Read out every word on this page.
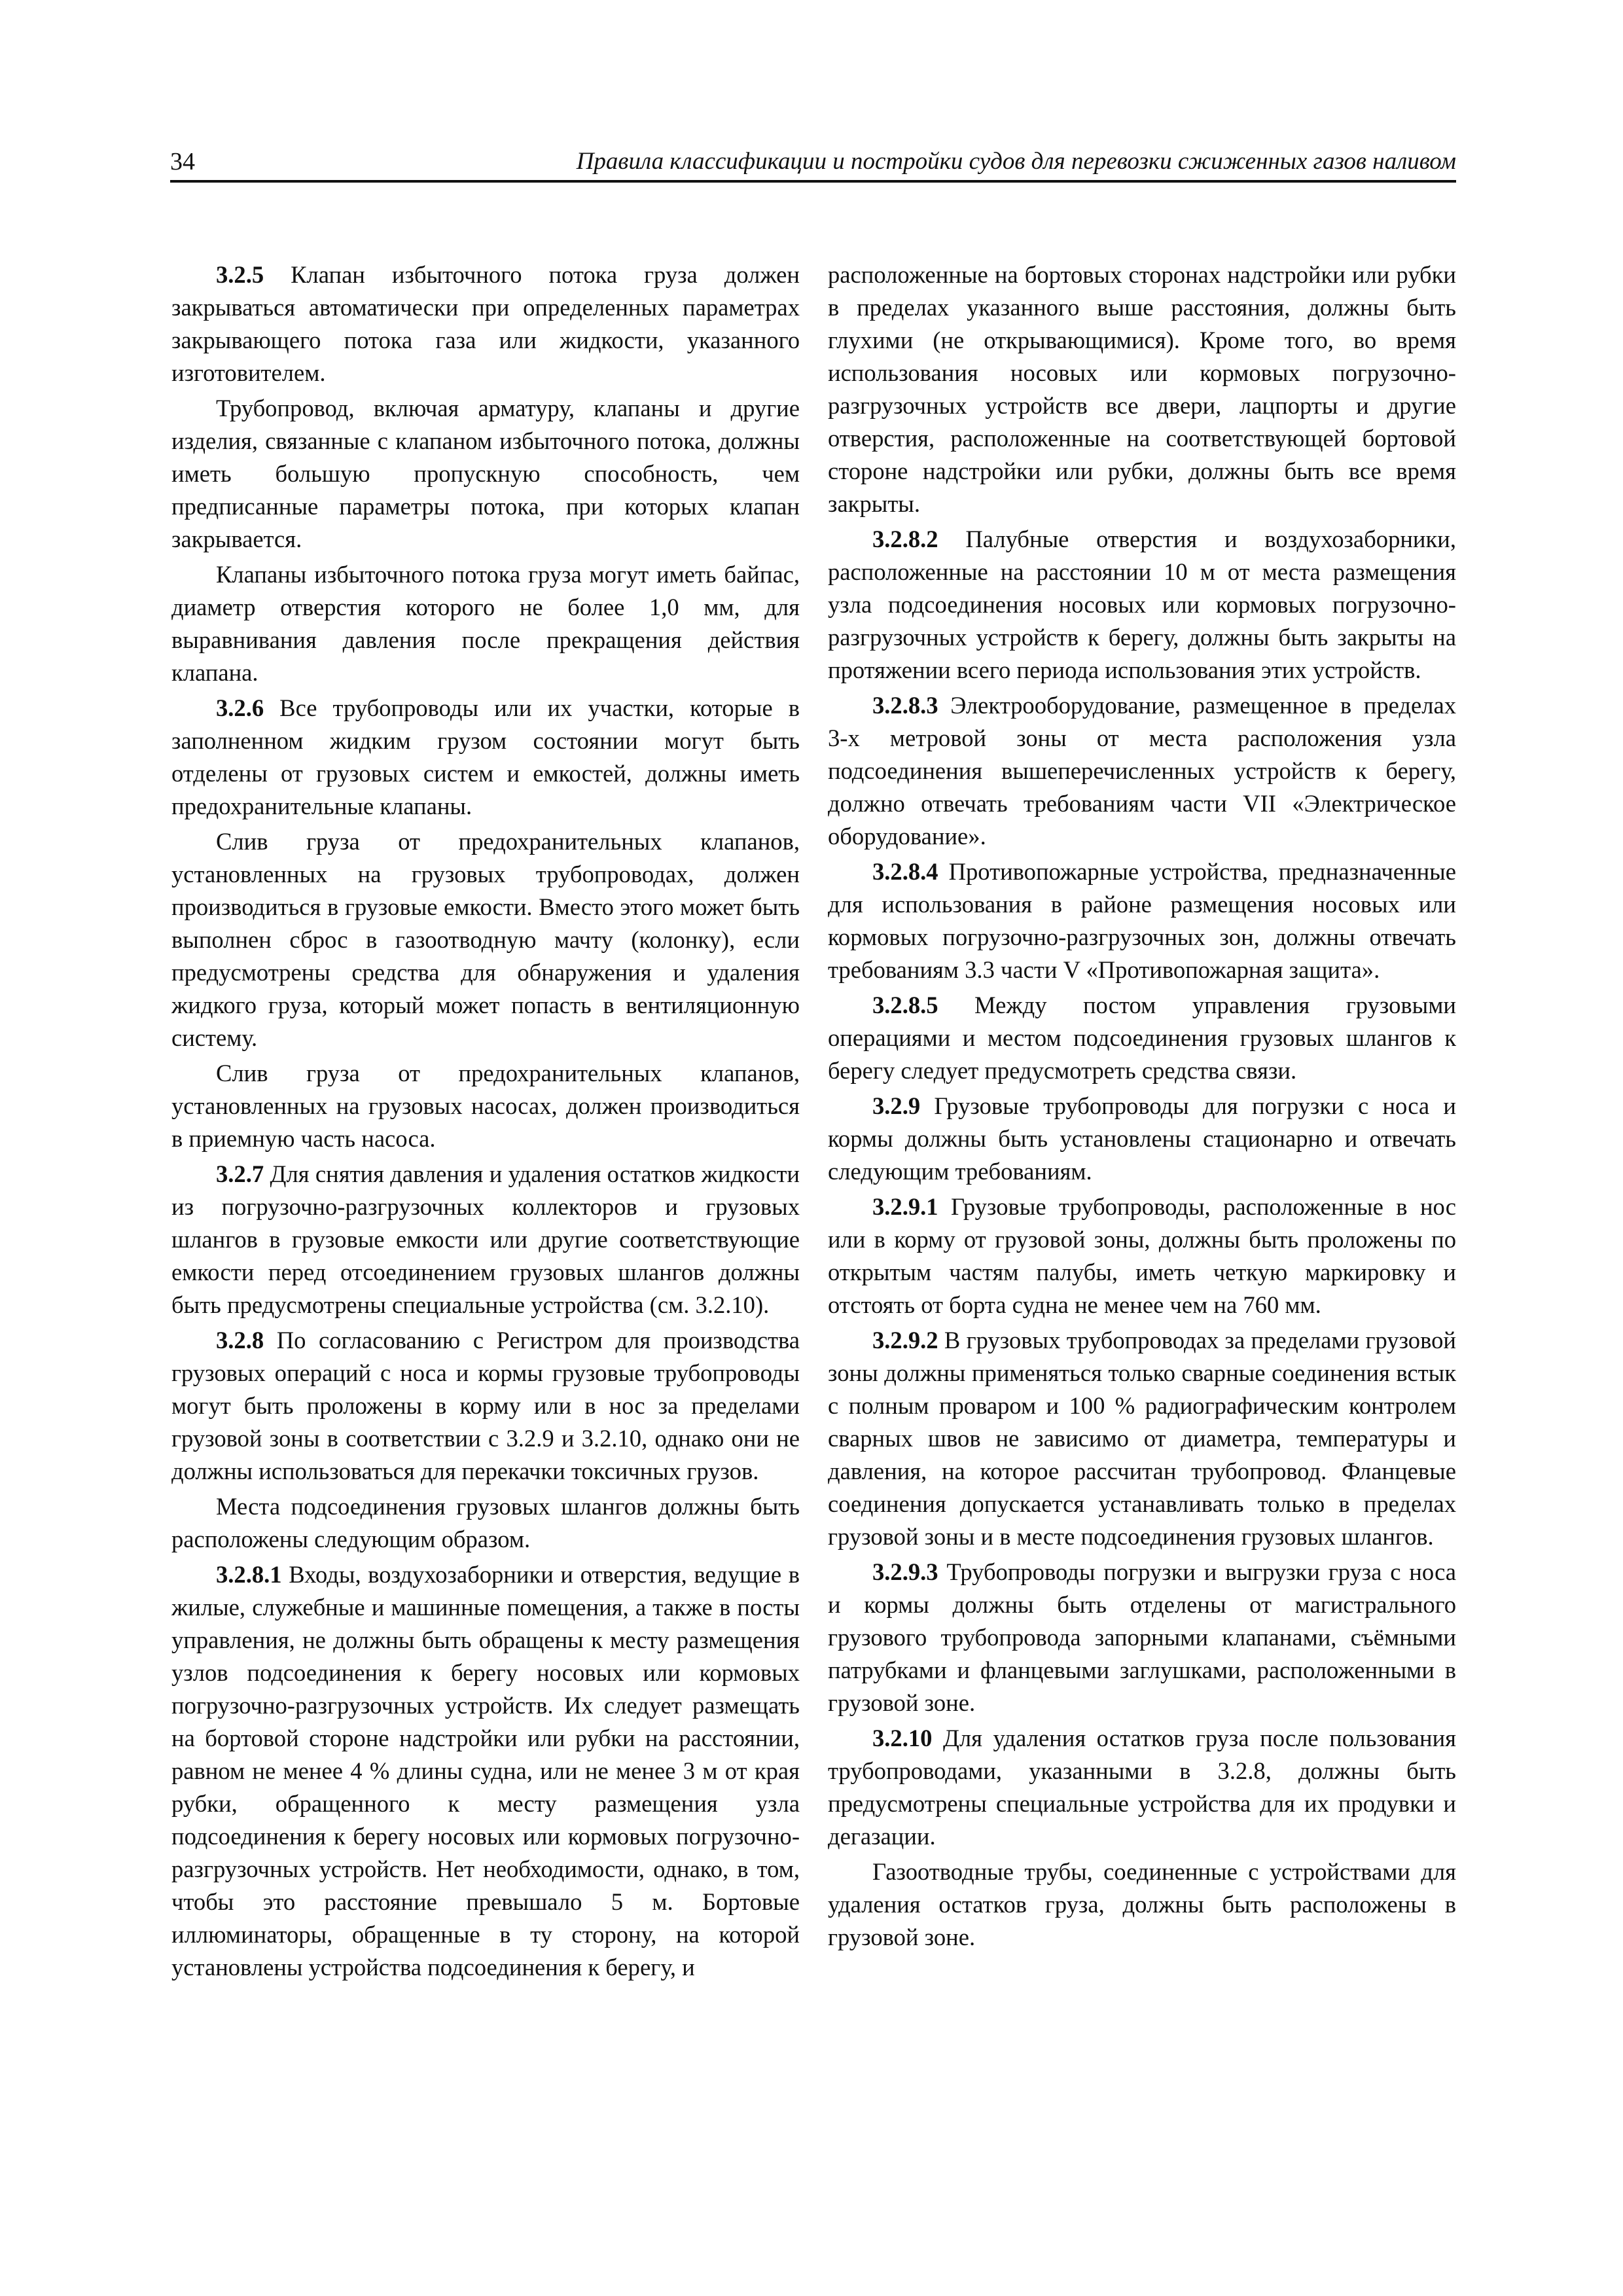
34	Правила классификации и постройки судов для перевозки сжиженных газов наливом

3.2.5 Клапан избыточного потока груза должен закрываться автоматически при определенных параметрах закрывающего потока газа или жидкости, указанного изготовителем.

Трубопровод, включая арматуру, клапаны и другие изделия, связанные с клапаном избыточного потока, должны иметь большую пропускную способность, чем предписанные параметры потока, при которых клапан закрывается.

Клапаны избыточного потока груза могут иметь байпас, диаметр отверстия которого не более 1,0 мм, для выравнивания давления после прекращения действия клапана.

3.2.6 Все трубопроводы или их участки, которые в заполненном жидким грузом состоянии могут быть отделены от грузовых систем и емкостей, должны иметь предохранительные клапаны.

Слив груза от предохранительных клапанов, установленных на грузовых трубопроводах, должен производиться в грузовые емкости. Вместо этого может быть выполнен сброс в газоотводную мачту (колонку), если предусмотрены средства для обнаружения и удаления жидкого груза, который может попасть в вентиляционную систему.

Слив груза от предохранительных клапанов, установленных на грузовых насосах, должен производиться в приемную часть насоса.

3.2.7 Для снятия давления и удаления остатков жидкости из погрузочно-разгрузочных коллекторов и грузовых шлангов в грузовые емкости или другие соответствующие емкости перед отсоединением грузовых шлангов должны быть предусмотрены специальные устройства (см. 3.2.10).

3.2.8 По согласованию с Регистром для производства грузовых операций с носа и кормы грузовые трубопроводы могут быть проложены в корму или в нос за пределами грузовой зоны в соответствии с 3.2.9 и 3.2.10, однако они не должны использоваться для перекачки токсичных грузов.

Места подсоединения грузовых шлангов должны быть расположены следующим образом.

3.2.8.1 Входы, воздухозаборники и отверстия, ведущие в жилые, служебные и машинные помещения, а также в посты управления, не должны быть обращены к месту размещения узлов подсоединения к берегу носовых или кормовых погрузочно-разгрузочных устройств. Их следует размещать на бортовой стороне надстройки или рубки на расстоянии, равном не менее 4 % длины судна, или не менее 3 м от края рубки, обращенного к месту размещения узла подсоединения к берегу носовых или кормовых погрузочно-разгрузочных устройств. Нет необходимости, однако, в том, чтобы это расстояние превышало 5 м. Бортовые иллюминаторы, обращенные в ту сторону, на которой установлены устройства подсоединения к берегу, и

расположенные на бортовых сторонах надстройки или рубки в пределах указанного выше расстояния, должны быть глухими (не открывающимися). Кроме того, во время использования носовых или кормовых погрузочно-разгрузочных устройств все двери, лацпорты и другие отверстия, расположенные на соответствующей бортовой стороне надстройки или рубки, должны быть все время закрыты.

3.2.8.2 Палубные отверстия и воздухозаборники, расположенные на расстоянии 10 м от места размещения узла подсоединения носовых или кормовых погрузочно-разгрузочных устройств к берегу, должны быть закрыты на протяжении всего периода использования этих устройств.

3.2.8.3 Электрооборудование, размещенное в пределах 3-х метровой зоны от места расположения узла подсоединения вышеперечисленных устройств к берегу, должно отвечать требованиям части VII «Электрическое оборудование».

3.2.8.4 Противопожарные устройства, предназначенные для использования в районе размещения носовых или кормовых погрузочно-разгрузочных зон, должны отвечать требованиям 3.3 части V «Противопожарная защита».

3.2.8.5 Между постом управления грузовыми операциями и местом подсоединения грузовых шлангов к берегу следует предусмотреть средства связи.

3.2.9 Грузовые трубопроводы для погрузки с носа и кормы должны быть установлены стационарно и отвечать следующим требованиям.

3.2.9.1 Грузовые трубопроводы, расположенные в нос или в корму от грузовой зоны, должны быть проложены по открытым частям палубы, иметь четкую маркировку и отстоять от борта судна не менее чем на 760 мм.

3.2.9.2 В грузовых трубопроводах за пределами грузовой зоны должны применяться только сварные соединения встык с полным проваром и 100 % радиографическим контролем сварных швов не зависимо от диаметра, температуры и давления, на которое рассчитан трубопровод. Фланцевые соединения допускается устанавливать только в пределах грузовой зоны и в месте подсоединения грузовых шлангов.

3.2.9.3 Трубопроводы погрузки и выгрузки груза с носа и кормы должны быть отделены от магистрального грузового трубопровода запорными клапанами, съёмными патрубками и фланцевыми заглушками, расположенными в грузовой зоне.

3.2.10 Для удаления остатков груза после пользования трубопроводами, указанными в 3.2.8, должны быть предусмотрены специальные устройства для их продувки и дегазации.

Газоотводные трубы, соединенные с устройствами для удаления остатков груза, должны быть расположены в грузовой зоне.
